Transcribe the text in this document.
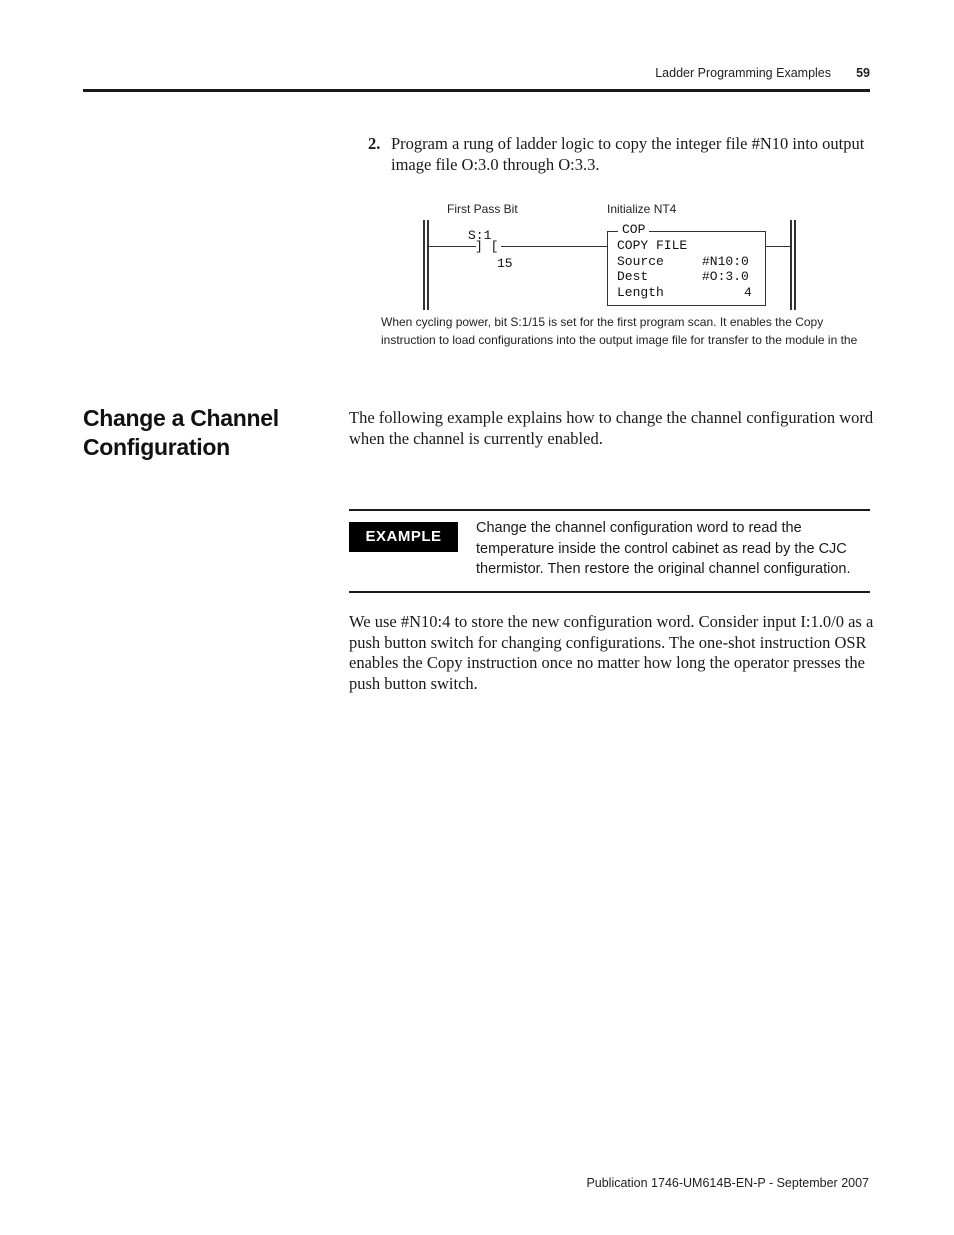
Ladder Programming Examples	59
2. Program a rung of ladder logic to copy the integer file #N10 into output image file O:3.0 through O:3.3.
First Pass Bit	Initialize NT4
S:1
] [
15
COP
COPY FILE
Source	#N10:0
Dest	#O:3.0
Length	4
When cycling power, bit S:1/15 is set for the first program scan. It enables the Copy
instruction to load configurations into the output image file for transfer to the module in the
Change a Channel
Configuration
The following example explains how to change the channel configuration word when the channel is currently enabled.
EXAMPLE	Change the channel configuration word to read the temperature inside the control cabinet as read by the CJC thermistor. Then restore the original channel configuration.
We use #N10:4 to store the new configuration word. Consider input I:1.0/0 as a push button switch for changing configurations. The one-shot instruction OSR enables the Copy instruction once no matter how long the operator presses the push button switch.
Publication 1746-UM614B-EN-P - September 2007
